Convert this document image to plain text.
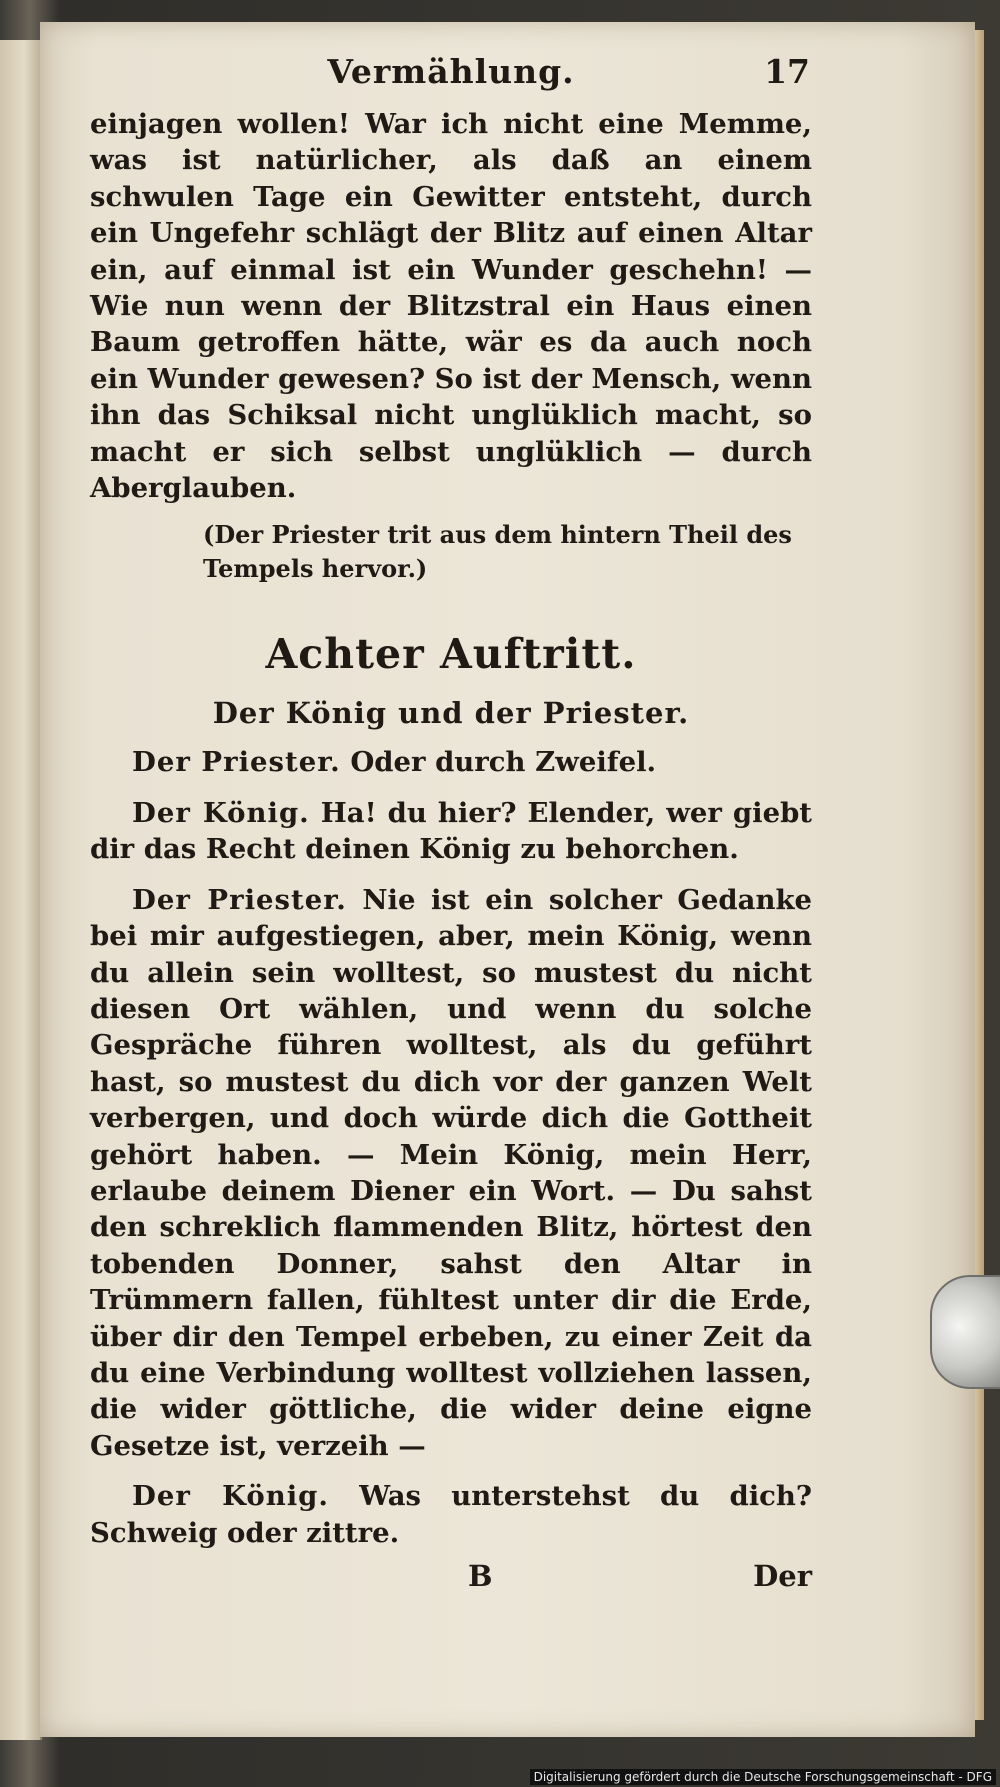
Vermählung.	17

einjagen wollen! War ich nicht eine Memme, was ist natürlicher, als daß an einem schwulen Tage ein Gewitter entsteht, durch ein Ungefehr schlägt der Blitz auf einen Altar ein, auf einmal ist ein Wunder geschehn! — Wie nun wenn der Blitzstral ein Haus einen Baum getroffen hätte, wär es da auch noch ein Wunder gewesen? So ist der Mensch, wenn ihn das Schiksal nicht unglüklich macht, so macht er sich selbst unglüklich — durch Aberglauben.

(Der Priester trit aus dem hintern Theil des Tempels hervor.)

Achter Auftritt.
Der König und der Priester.

Der Priester. Oder durch Zweifel.

Der König. Ha! du hier? Elender, wer giebt dir das Recht deinen König zu behorchen.

Der Priester. Nie ist ein solcher Gedanke bei mir aufgestiegen, aber, mein König, wenn du allein sein wolltest, so mustest du nicht diesen Ort wählen, und wenn du solche Gespräche führen wolltest, als du geführt hast, so mustest du dich vor der ganzen Welt verbergen, und doch würde dich die Gottheit gehört haben. — Mein König, mein Herr, erlaube deinem Diener ein Wort. — Du sahst den schreklich flammenden Blitz, hörtest den tobenden Donner, sahst den Altar in Trümmern fallen, fühltest unter dir die Erde, über dir den Tempel erbeben, zu einer Zeit da du eine Verbindung wolltest vollziehen lassen, die wider göttliche, die wider deine eigne Gesetze ist, verzeih —

Der König. Was unterstehst du dich? Schweig oder zittre.

B	Der
Digitalisierung gefördert durch die Deutsche Forschungsgemeinschaft - DFG
